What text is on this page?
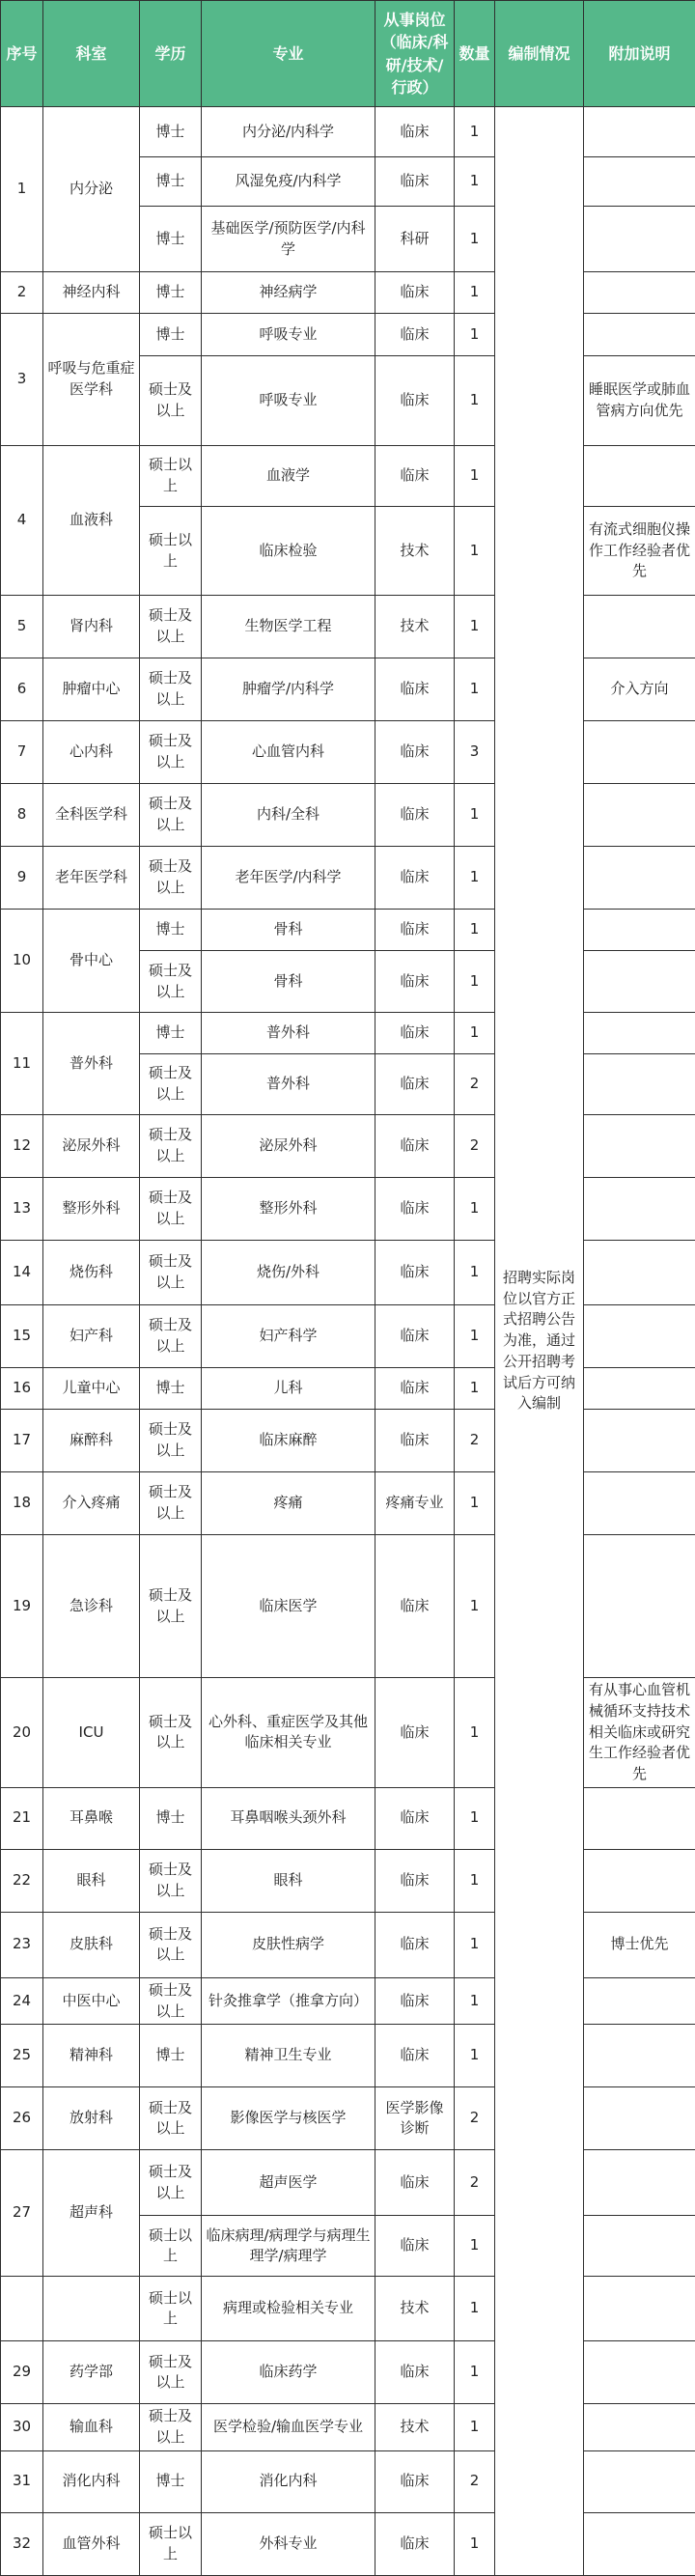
序号	科室	学历	专业	从事岗位（临床/科研/技术/行政）	数量	编制情况	附加说明
1	内分泌	博士	内分泌/内科学	临床	1	招聘实际岗位以官方正式招聘公告为准，通过公开招聘考试后方可纳入编制	
		博士	风湿免疫/内科学	临床	1		
		博士	基础医学/预防医学/内科学	科研	1		
2	神经内科	博士	神经病学	临床	1		
3	呼吸与危重症医学科	博士	呼吸专业	临床	1		
		硕士及以上	呼吸专业	临床	1		睡眠医学或肺血管病方向优先
4	血液科	硕士以上	血液学	临床	1		
		硕士以上	临床检验	技术	1		有流式细胞仪操作工作经验者优先
5	肾内科	硕士及以上	生物医学工程	技术	1		
6	肿瘤中心	硕士及以上	肿瘤学/内科学	临床	1		介入方向
7	心内科	硕士及以上	心血管内科	临床	3		
8	全科医学科	硕士及以上	内科/全科	临床	1		
9	老年医学科	硕士及以上	老年医学/内科学	临床	1		
10	骨中心	博士	骨科	临床	1		
		硕士及以上	骨科	临床	1		
11	普外科	博士	普外科	临床	1		
		硕士及以上	普外科	临床	2		
12	泌尿外科	硕士及以上	泌尿外科	临床	2		
13	整形外科	硕士及以上	整形外科	临床	1		
14	烧伤科	硕士及以上	烧伤/外科	临床	1		
15	妇产科	硕士及以上	妇产科学	临床	1		
16	儿童中心	博士	儿科	临床	1		
17	麻醉科	硕士及以上	临床麻醉	临床	2		
18	介入疼痛	硕士及以上	疼痛	疼痛专业	1		
19	急诊科	硕士及以上	临床医学	临床	1		
20	ICU	硕士及以上	心外科、重症医学及其他临床相关专业	临床	1		有从事心血管机械循环支持技术相关临床或研究生工作经验者优先
21	耳鼻喉	博士	耳鼻咽喉头颈外科	临床	1		
22	眼科	硕士及以上	眼科	临床	1		
23	皮肤科	硕士及以上	皮肤性病学	临床	1		博士优先
24	中医中心	硕士及以上	针灸推拿学（推拿方向）	临床	1		
25	精神科	博士	精神卫生专业	临床	1		
26	放射科	硕士及以上	影像医学与核医学	医学影像诊断	2		
27	超声科	硕士及以上	超声医学	临床	2		
		硕士以上	临床病理/病理学与病理生理学/病理学	临床	1		
		硕士以上	病理或检验相关专业	技术	1		
29	药学部	硕士及以上	临床药学	临床	1		
30	输血科	硕士及以上	医学检验/输血医学专业	技术	1		
31	消化内科	博士	消化内科	临床	2		
32	血管外科	硕士以上	外科专业	临床	1		
